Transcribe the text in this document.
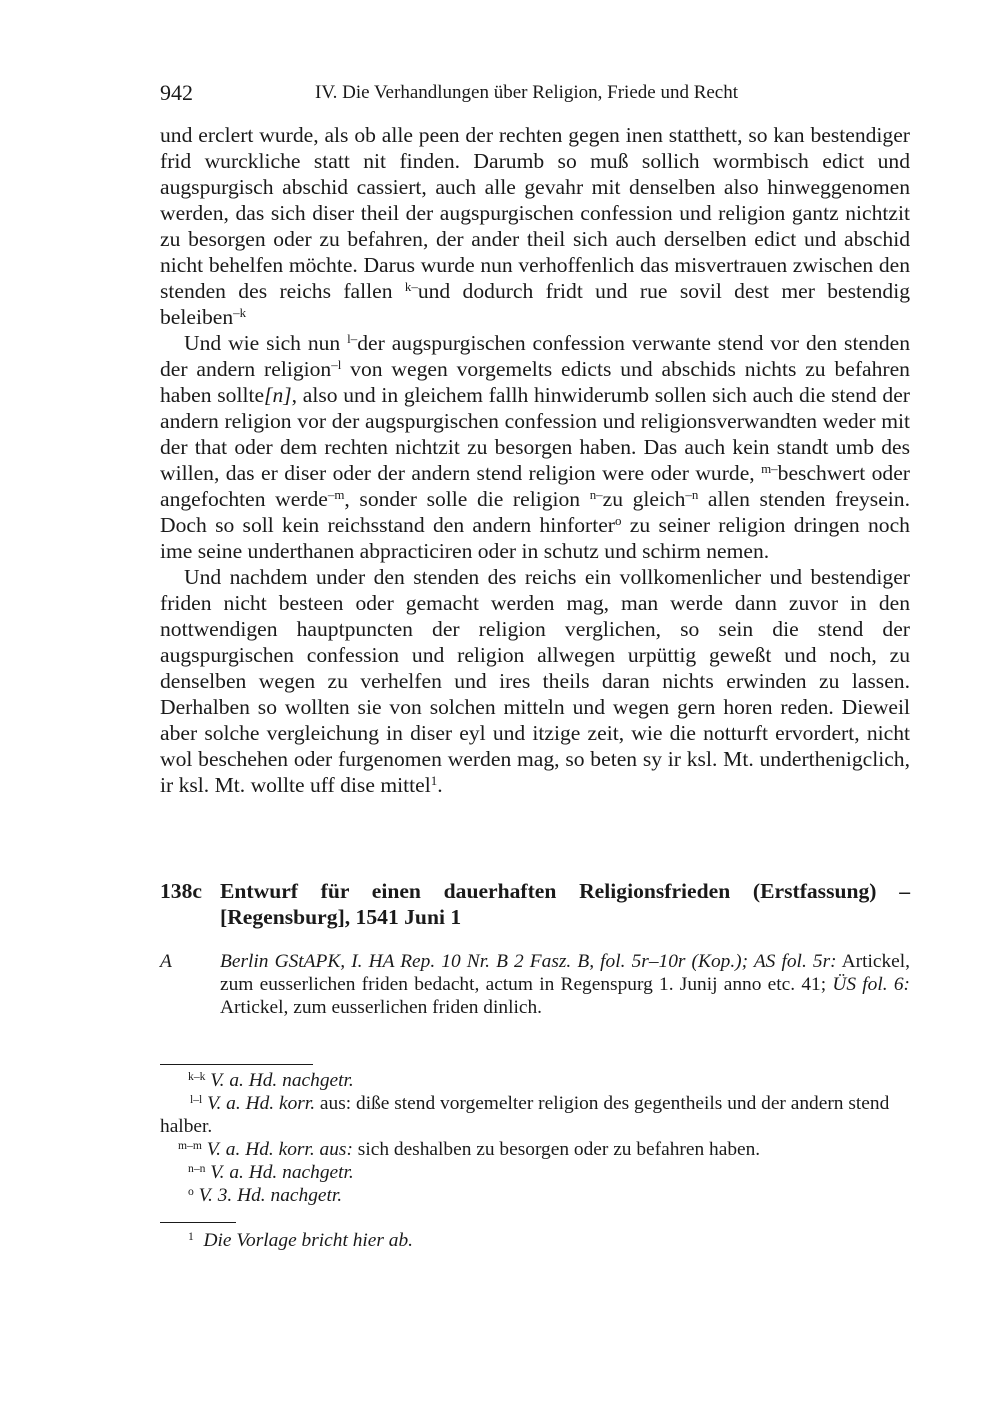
942	IV. Die Verhandlungen über Religion, Friede und Recht

und erclert wurde, als ob alle peen der rechten gegen inen statthett, so kan bestendiger frid wurckliche statt nit finden. Darumb so muß sollich wormbisch edict und augspurgisch abschid cassiert, auch alle gevahr mit denselben also hinweggenomen werden, das sich diser theil der augspurgischen confession und religion gantz nichtzit zu besorgen oder zu befahren, der ander theil sich auch derselben edict und abschid nicht behelfen möchte. Darus wurde nun verhoffenlich das misvertrauen zwischen den stenden des reichs fallen $^{k-}$und dodurch fridt und rue sovil dest mer bestendig beleiben$^{-k}$

Und wie sich nun $^{l-}$der augspurgischen confession verwante stend vor den stenden der andern religion$^{-l}$ von wegen vorgemelts edicts und abschids nichts zu befahren haben sollte[n], also und in gleichem fallh hinwiderumb sollen sich auch die stend der andern religion vor der augspurgischen confession und religionsverwandten weder mit der that oder dem rechten nichtzit zu besorgen haben. Das auch kein standt umb des willen, das er diser oder der andern stend religion were oder wurde, $^{m-}$beschwert oder angefochten werde$^{-m}$, sonder solle die religion $^{n-}$zu gleich$^{-n}$ allen stenden freysein. Doch so soll kein reichsstand den andern hinforter$^o$ zu seiner religion dringen noch ime seine underthanen abpracticiren oder in schutz und schirm nemen.

Und nachdem under den stenden des reichs ein vollkomenlicher und bestendiger friden nicht besteen oder gemacht werden mag, man werde dann zuvor in den nottwendigen hauptpuncten der religion verglichen, so sein die stend der augspurgischen confession und religion allwegen urpüttig geweßt und noch, zu denselben wegen zu verhelfen und ires theils daran nichts erwinden zu lassen. Derhalben so wollten sie von solchen mitteln und wegen gern horen reden. Dieweil aber solche vergleichung in diser eyl und itzige zeit, wie die notturft ervordert, nicht wol beschehen oder furgenomen werden mag, so beten sy ir ksl. Mt. underthenigclich, ir ksl. Mt. wollte uff dise mittel$^1$.

138c Entwurf für einen dauerhaften Religionsfrieden (Erstfassung) – [Regensburg], 1541 Juni 1
A Berlin GStAPK, I. HA Rep. 10 Nr. B 2 Fasz. B, fol. 5r–10r (Kop.); AS fol. 5r: Artickel, zum eusserlichen friden bedacht, actum in Regenspurg 1. Junij anno etc. 41; ÜS fol. 6: Artickel, zum eusserlichen friden dinlich.

$^{k-k}$ V. a. Hd. nachgetr.

$^{l-l}$ V. a. Hd. korr. aus: diße stend vorgemelter religion des gegentheils und der andern stend halber.

$^{m-m}$ V. a. Hd. korr. aus: sich deshalben zu besorgen oder zu befahren haben.

$^{n-n}$ V. a. Hd. nachgetr.

$^o$ V. 3. Hd. nachgetr.

$^1$ Die Vorlage bricht hier ab.
